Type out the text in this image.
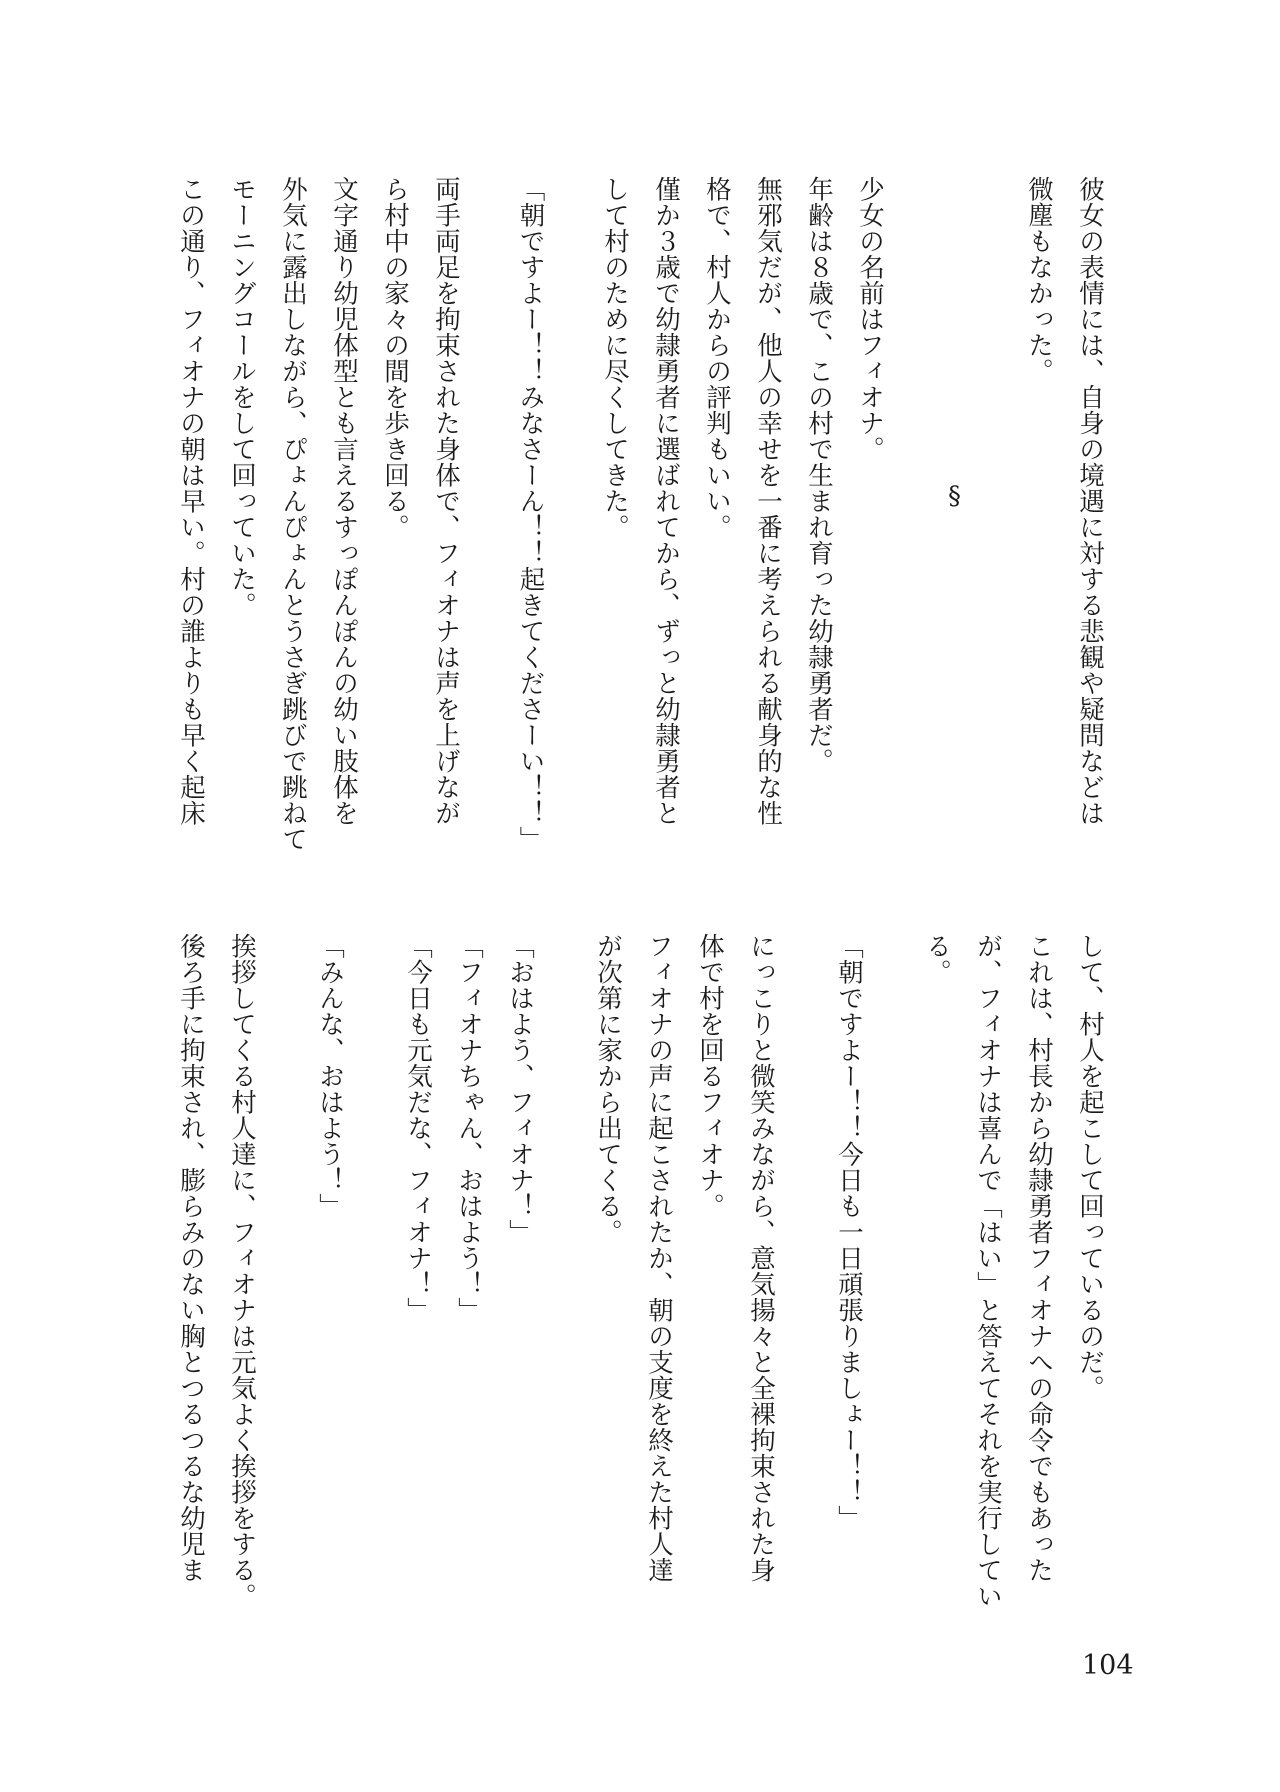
彼女の表情には、自身の境遇に対する悲観や疑問などは
微塵もなかった。
§
少女の名前はフィオナ。
年齢は８歳で、この村で生まれ育った幼隷勇者だ。
無邪気だが、他人の幸せを一番に考えられる献身的な性
格で、村人からの評判もいい。
僅か３歳で幼隷勇者に選ばれてから、ずっと幼隷勇者と
して村のために尽くしてきた。
「朝ですよー！！みなさーん！！起きてくださーい！！」
両手両足を拘束された身体で、フィオナは声を上げなが
ら村中の家々の間を歩き回る。
文字通り幼児体型とも言えるすっぽんぽんの幼い肢体を
外気に露出しながら、ぴょんぴょんとうさぎ跳びで跳ねて
モーニングコールをして回っていた。
この通り、フィオナの朝は早い。村の誰よりも早く起床
して、村人を起こして回っているのだ。
これは、村長から幼隷勇者フィオナへの命令でもあった
が、フィオナは喜んで「はい」と答えてそれを実行してい
る。
「朝ですよー！！今日も一日頑張りましょー！！」
にっこりと微笑みながら、意気揚々と全裸拘束された身
体で村を回るフィオナ。
フィオナの声に起こされたか、朝の支度を終えた村人達
が次第に家から出てくる。
「おはよう、フィオナ！」
「フィオナちゃん、おはよう！」
「今日も元気だな、フィオナ！」
「みんな、おはよう！」
挨拶してくる村人達に、フィオナは元気よく挨拶をする。
後ろ手に拘束され、膨らみのない胸とつるつるな幼児ま
104
